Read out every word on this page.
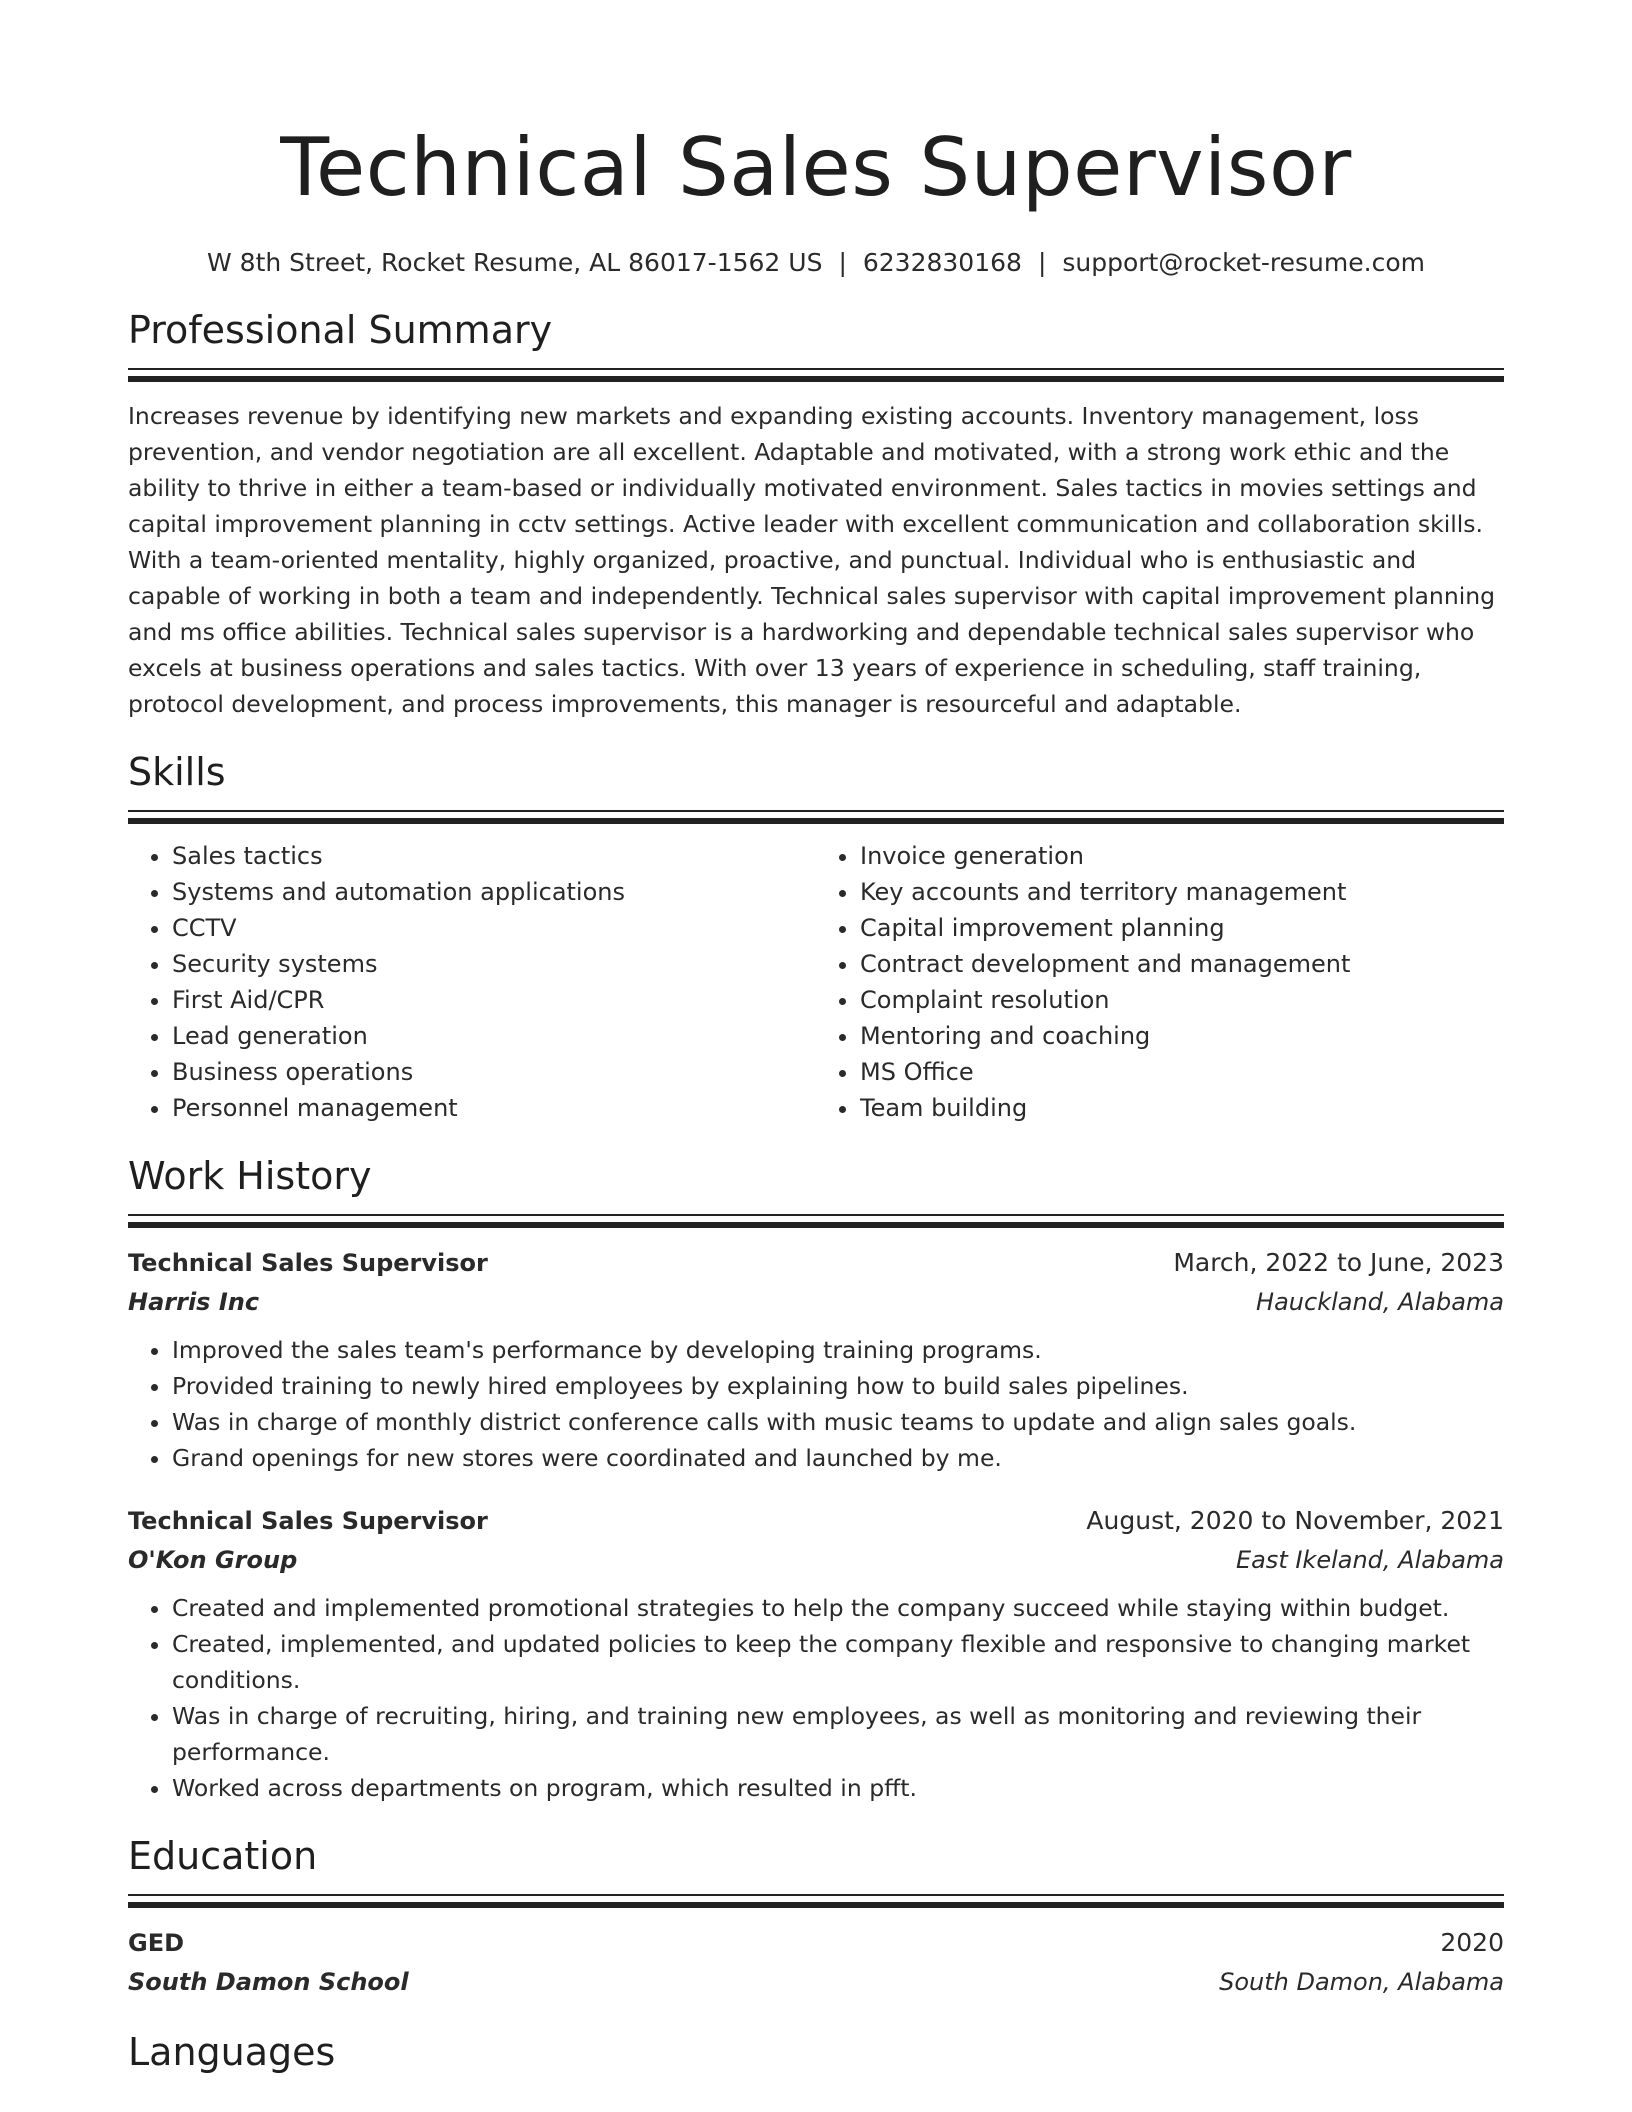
Technical Sales Supervisor
W 8th Street, Rocket Resume, AL 86017-1562 US | 6232830168 | support@rocket-resume.com
Professional Summary

Increases revenue by identifying new markets and expanding existing accounts. Inventory management, loss prevention, and vendor negotiation are all excellent. Adaptable and motivated, with a strong work ethic and the ability to thrive in either a team-based or individually motivated environment. Sales tactics in movies settings and capital improvement planning in cctv settings. Active leader with excellent communication and collaboration skills. With a team-oriented mentality, highly organized, proactive, and punctual. Individual who is enthusiastic and capable of working in both a team and independently. Technical sales supervisor with capital improvement planning and ms office abilities. Technical sales supervisor is a hardworking and dependable technical sales supervisor who excels at business operations and sales tactics. With over 13 years of experience in scheduling, staff training, protocol development, and process improvements, this manager is resourceful and adaptable.

Skills
• Sales tactics
• Systems and automation applications
• CCTV
• Security systems
• First Aid/CPR
• Lead generation
• Business operations
• Personnel management
• Invoice generation
• Key accounts and territory management
• Capital improvement planning
• Contract development and management
• Complaint resolution
• Mentoring and coaching
• MS Office
• Team building
Work History
Technical Sales Supervisor	March, 2022 to June, 2023
Harris Inc	Hauckland, Alabama
• Improved the sales team's performance by developing training programs.
• Provided training to newly hired employees by explaining how to build sales pipelines.
• Was in charge of monthly district conference calls with music teams to update and align sales goals.
• Grand openings for new stores were coordinated and launched by me.
Technical Sales Supervisor	August, 2020 to November, 2021
O'Kon Group	East Ikeland, Alabama
• Created and implemented promotional strategies to help the company succeed while staying within budget.
• Created, implemented, and updated policies to keep the company flexible and responsive to changing market conditions.
• Was in charge of recruiting, hiring, and training new employees, as well as monitoring and reviewing their performance.
• Worked across departments on program, which resulted in pfft.
Education
GED	2020
South Damon School	South Damon, Alabama
Languages
